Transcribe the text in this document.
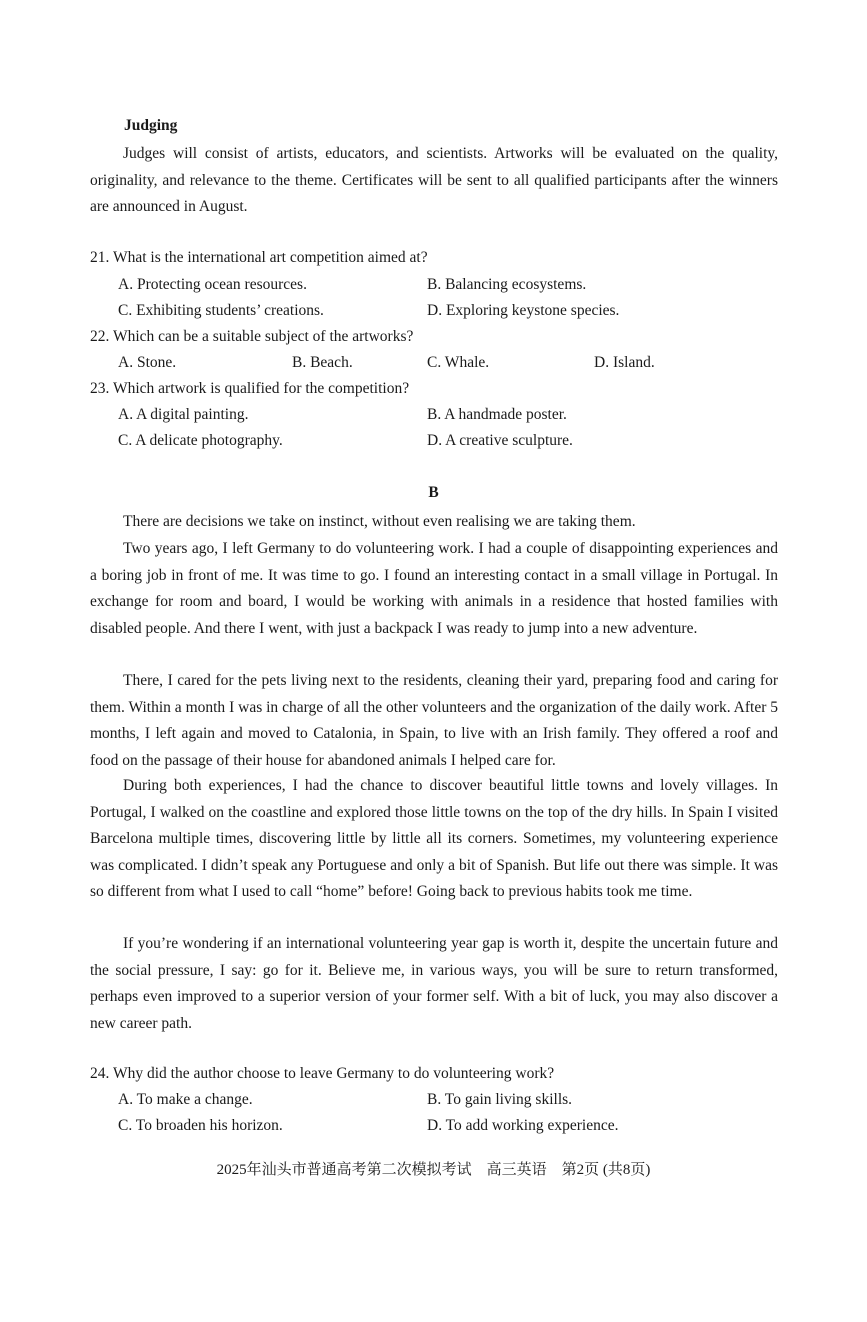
Judging
Judges will consist of artists, educators, and scientists. Artworks will be evaluated on the quality, originality, and relevance to the theme. Certificates will be sent to all qualified participants after the winners are announced in August.
21. What is the international art competition aimed at?
A. Protecting ocean resources.	B. Balancing ecosystems.
C. Exhibiting students’ creations.	D. Exploring keystone species.
22. Which can be a suitable subject of the artworks?
A. Stone.	B. Beach.	C. Whale.	D. Island.
23. Which artwork is qualified for the competition?
A. A digital painting.	B. A handmade poster.
C. A delicate photography.	D. A creative sculpture.
B
There are decisions we take on instinct, without even realising we are taking them.
Two years ago, I left Germany to do volunteering work. I had a couple of disappointing experiences and a boring job in front of me. It was time to go. I found an interesting contact in a small village in Portugal. In exchange for room and board, I would be working with animals in a residence that hosted families with disabled people. And there I went, with just a backpack I was ready to jump into a new adventure.
There, I cared for the pets living next to the residents, cleaning their yard, preparing food and caring for them. Within a month I was in charge of all the other volunteers and the organization of the daily work. After 5 months, I left again and moved to Catalonia, in Spain, to live with an Irish family. They offered a roof and food on the passage of their house for abandoned animals I helped care for.
During both experiences, I had the chance to discover beautiful little towns and lovely villages. In Portugal, I walked on the coastline and explored those little towns on the top of the dry hills. In Spain I visited Barcelona multiple times, discovering little by little all its corners. Sometimes, my volunteering experience was complicated. I didn’t speak any Portuguese and only a bit of Spanish. But life out there was simple. It was so different from what I used to call “home” before! Going back to previous habits took me time.
If you’re wondering if an international volunteering year gap is worth it, despite the uncertain future and the social pressure, I say: go for it. Believe me, in various ways, you will be sure to return transformed, perhaps even improved to a superior version of your former self. With a bit of luck, you may also discover a new career path.
24. Why did the author choose to leave Germany to do volunteering work?
A. To make a change.	B. To gain living skills.
C. To broaden his horizon.	D. To add working experience.
2025年汕头市普通高考第二次模拟考试　高三英语　第2页 (共8页)
